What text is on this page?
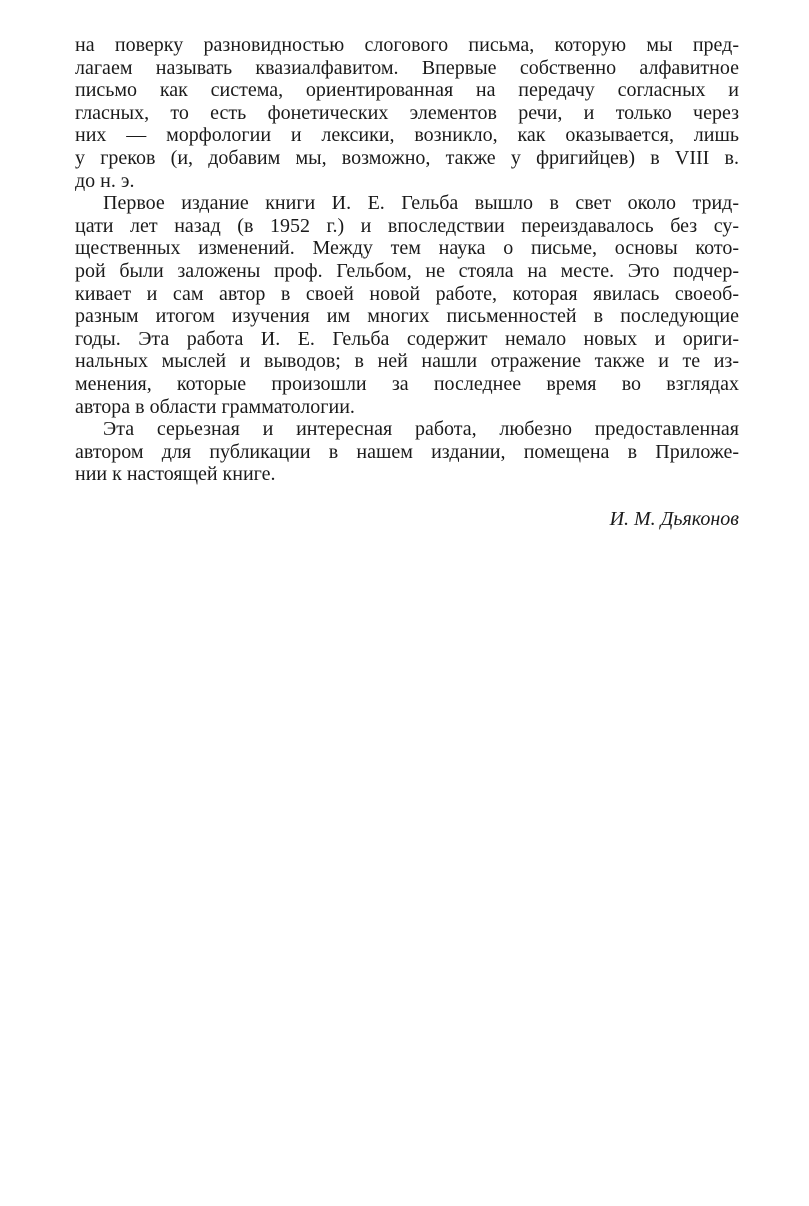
на поверку разновидностью слогового письма, которую мы пред-
лагаем называть квазиалфавитом. Впервые собственно алфавитное
письмо как система, ориентированная на передачу согласных и
гласных, то есть фонетических элементов речи, и только через
них — морфологии и лексики, возникло, как оказывается, лишь
у греков (и, добавим мы, возможно, также у фригийцев) в VIII в.
до н. э.
Первое издание книги И. Е. Гельба вышло в свет около трид-
цати лет назад (в 1952 г.) и впоследствии переиздавалось без су-
щественных изменений. Между тем наука о письме, основы кото-
рой были заложены проф. Гельбом, не стояла на месте. Это подчер-
кивает и сам автор в своей новой работе, которая явилась своеоб-
разным итогом изучения им многих письменностей в последующие
годы. Эта работа И. Е. Гельба содержит немало новых и ориги-
нальных мыслей и выводов; в ней нашли отражение также и те из-
менения, которые произошли за последнее время во взглядах
автора в области грамматологии.
Эта серьезная и интересная работа, любезно предоставленная
автором для публикации в нашем издании, помещена в Приложе-
нии к настоящей книге.
И. М. Дьяконов
